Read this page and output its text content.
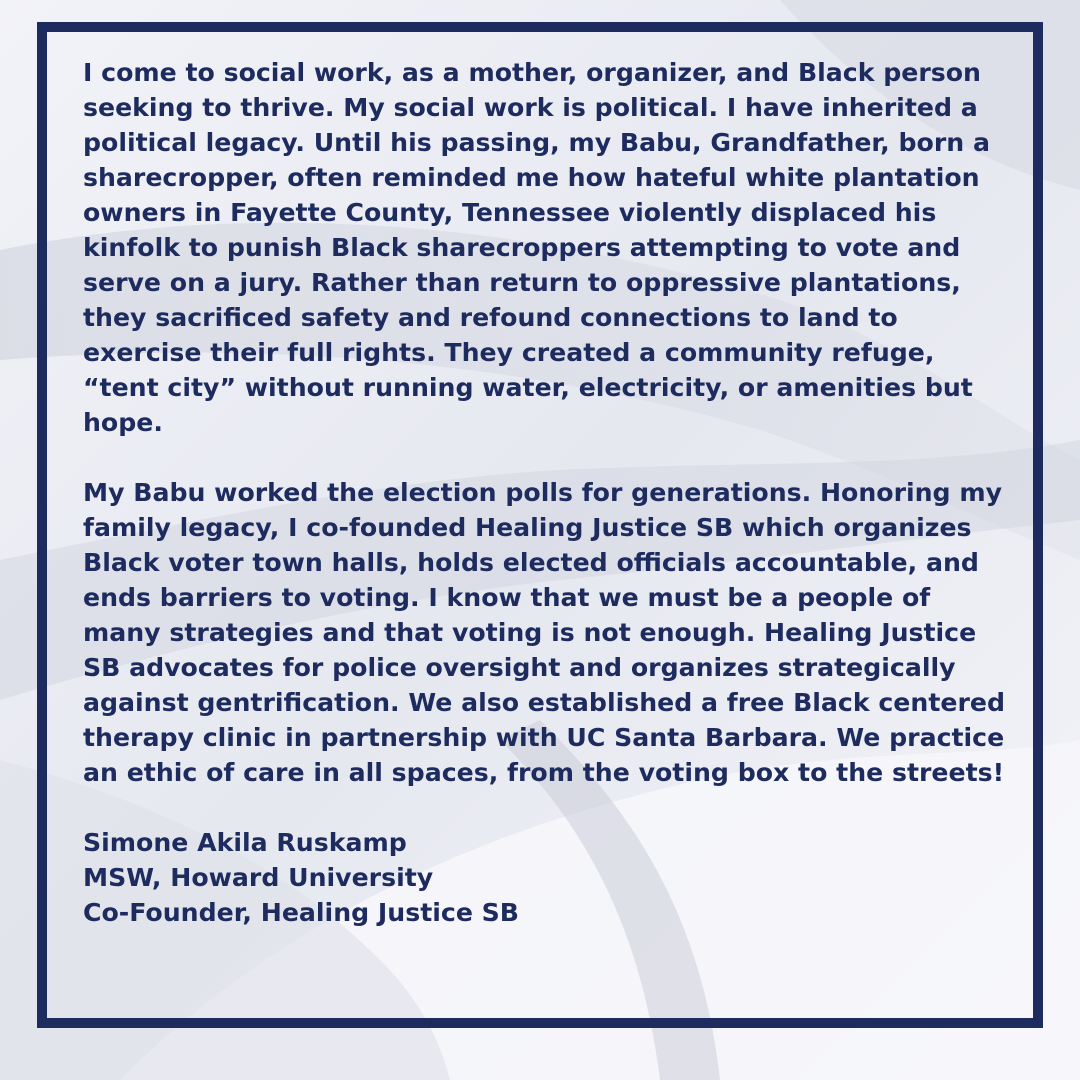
I come to social work, as a mother, organizer, and Black person seeking to thrive. My social work is political. I have inherited a political legacy. Until his passing, my Babu, Grandfather, born a sharecropper, often reminded me how hateful white plantation owners in Fayette County, Tennessee violently displaced his kinfolk to punish Black sharecroppers attempting to vote and serve on a jury. Rather than return to oppressive plantations, they sacrificed safety and refound connections to land to exercise their full rights. They created a community refuge, “tent city” without running water, electricity, or amenities but hope.

My Babu worked the election polls for generations. Honoring my family legacy, I co-founded Healing Justice SB which organizes Black voter town halls, holds elected officials accountable, and ends barriers to voting. I know that we must be a people of many strategies and that voting is not enough. Healing Justice SB advocates for police oversight and organizes strategically against gentrification. We also established a free Black centered therapy clinic in partnership with UC Santa Barbara. We practice an ethic of care in all spaces, from the voting box to the streets!

Simone Akila Ruskamp
MSW, Howard University
Co-Founder, Healing Justice SB
